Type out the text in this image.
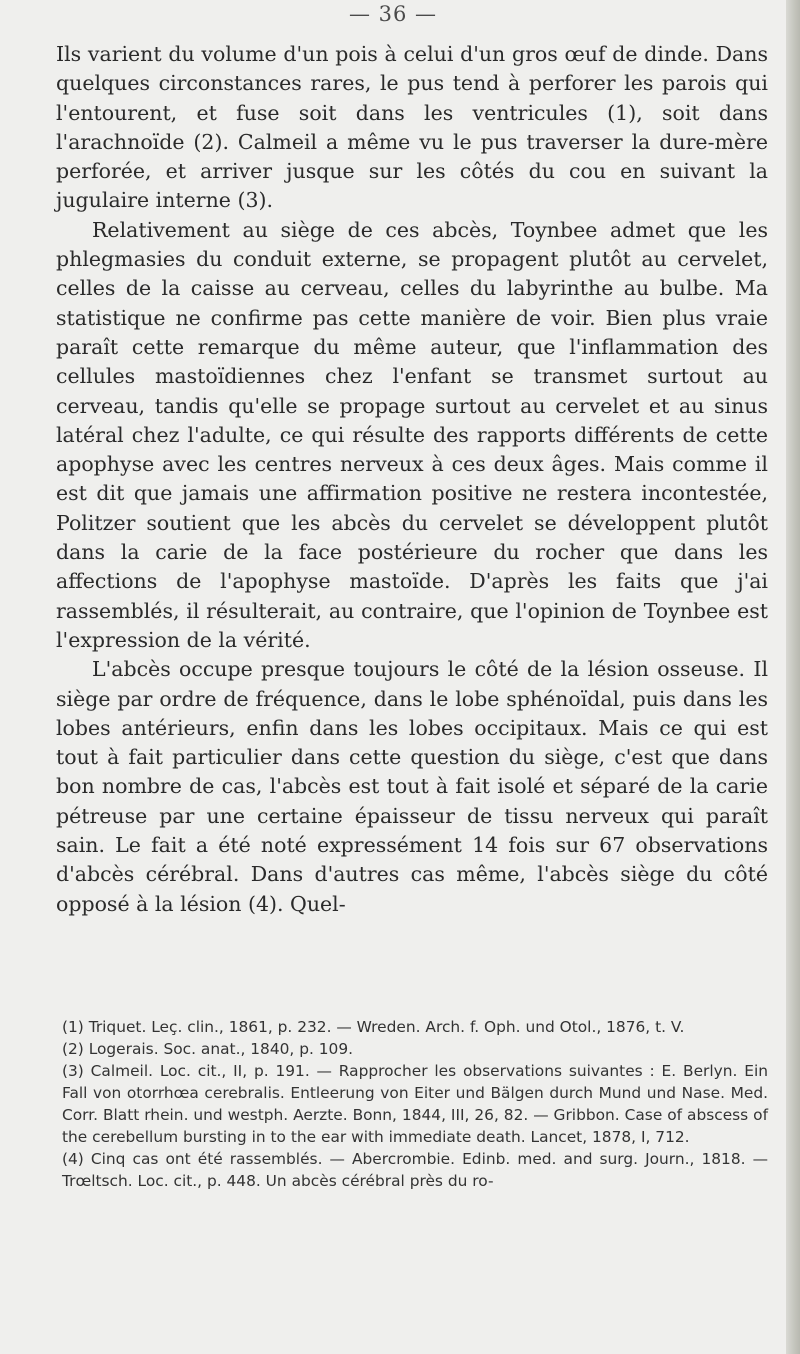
— 36 —

Ils varient du volume d'un pois à celui d'un gros œuf de dinde. Dans quelques circonstances rares, le pus tend à perforer les parois qui l'entourent, et fuse soit dans les ventricules (1), soit dans l'arachnoïde (2). Calmeil a même vu le pus traverser la dure-mère perforée, et arriver jusque sur les côtés du cou en suivant la jugulaire interne (3).

Relativement au siège de ces abcès, Toynbee admet que les phlegmasies du conduit externe, se propagent plutôt au cervelet, celles de la caisse au cerveau, celles du labyrinthe au bulbe. Ma statistique ne confirme pas cette manière de voir. Bien plus vraie paraît cette remarque du même auteur, que l'inflammation des cellules mastoïdiennes chez l'enfant se transmet surtout au cerveau, tandis qu'elle se propage surtout au cervelet et au sinus latéral chez l'adulte, ce qui résulte des rapports différents de cette apophyse avec les centres nerveux à ces deux âges. Mais comme il est dit que jamais une affirmation positive ne restera incontestée, Politzer soutient que les abcès du cervelet se développent plutôt dans la carie de la face postérieure du rocher que dans les affections de l'apophyse mastoïde. D'après les faits que j'ai rassemblés, il résulterait, au contraire, que l'opinion de Toynbee est l'expression de la vérité.

L'abcès occupe presque toujours le côté de la lésion osseuse. Il siège par ordre de fréquence, dans le lobe sphénoïdal, puis dans les lobes antérieurs, enfin dans les lobes occipitaux. Mais ce qui est tout à fait particulier dans cette question du siège, c'est que dans bon nombre de cas, l'abcès est tout à fait isolé et séparé de la carie pétreuse par une certaine épaisseur de tissu nerveux qui paraît sain. Le fait a été noté expressément 14 fois sur 67 observations d'abcès cérébral. Dans d'autres cas même, l'abcès siège du côté opposé à la lésion (4). Quel-

(1) Triquet. Leç. clin., 1861, p. 232. — Wreden. Arch. f. Oph. und Otol., 1876, t. V.

(2) Logerais. Soc. anat., 1840, p. 109.

(3) Calmeil. Loc. cit., II, p. 191. — Rapprocher les observations suivantes : E. Berlyn. Ein Fall von otorrhœa cerebralis. Entleerung von Eiter und Bälgen durch Mund und Nase. Med. Corr. Blatt rhein. und westph. Aerzte. Bonn, 1844, III, 26, 82. — Gribbon. Case of abscess of the cerebellum bursting in to the ear with immediate death. Lancet, 1878, I, 712.

(4) Cinq cas ont été rassemblés. — Abercrombie. Edinb. med. and surg. Journ., 1818. — Trœltsch. Loc. cit., p. 448. Un abcès cérébral près du ro-
